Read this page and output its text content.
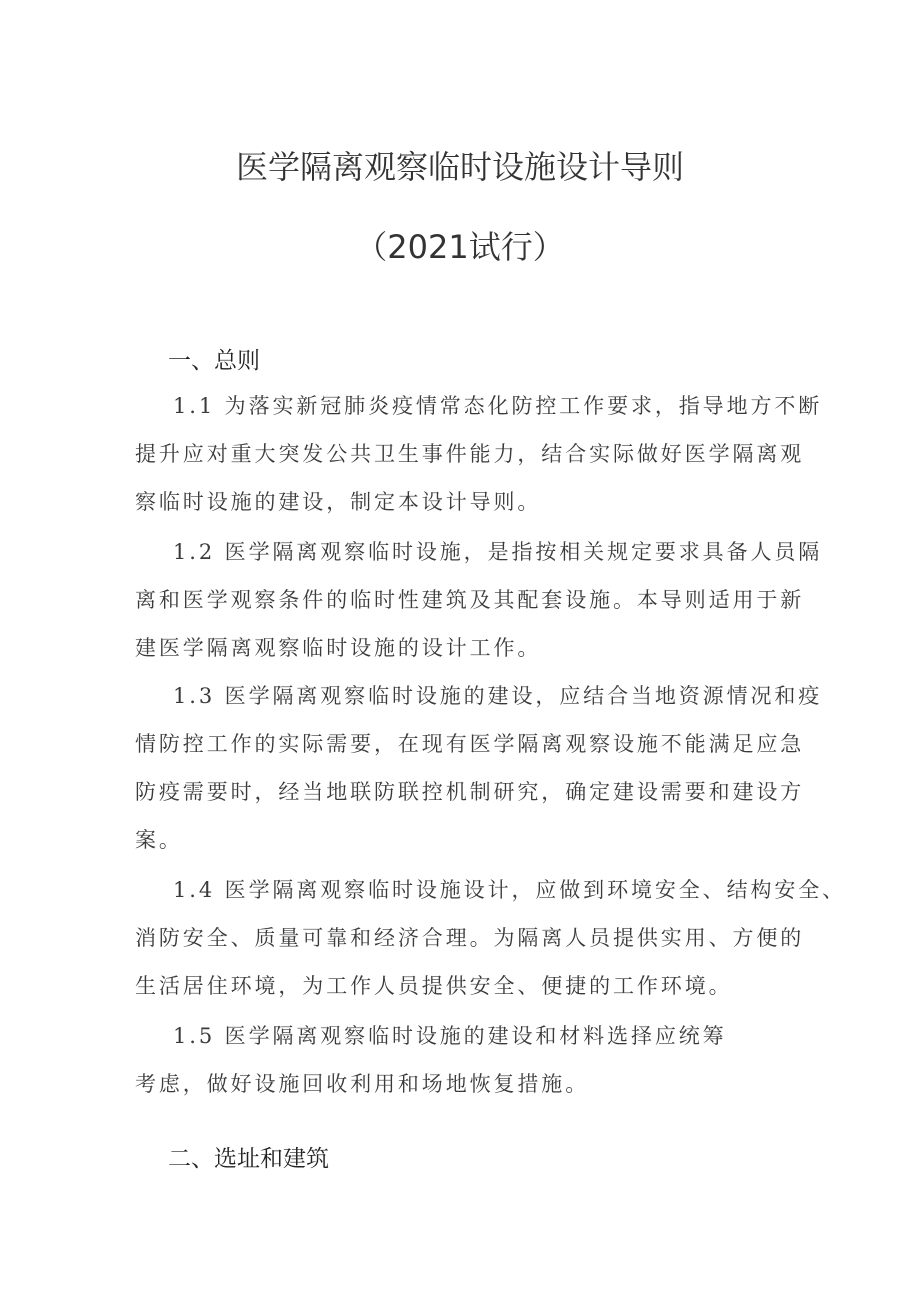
医学隔离观察临时设施设计导则
（2021试行）
一、总则
1.1 为落实新冠肺炎疫情常态化防控工作要求，指导地方不断
提升应对重大突发公共卫生事件能力，结合实际做好医学隔离观
察临时设施的建设，制定本设计导则。
1.2 医学隔离观察临时设施，是指按相关规定要求具备人员隔
离和医学观察条件的临时性建筑及其配套设施。本导则适用于新
建医学隔离观察临时设施的设计工作。
1.3 医学隔离观察临时设施的建设，应结合当地资源情况和疫
情防控工作的实际需要，在现有医学隔离观察设施不能满足应急
防疫需要时，经当地联防联控机制研究，确定建设需要和建设方
案。
1.4 医学隔离观察临时设施设计，应做到环境安全、结构安全、
消防安全、质量可靠和经济合理。为隔离人员提供实用、方便的
生活居住环境，为工作人员提供安全、便捷的工作环境。
1.5 医学隔离观察临时设施的建设和材料选择应统筹
考虑，做好设施回收利用和场地恢复措施。
二、选址和建筑
